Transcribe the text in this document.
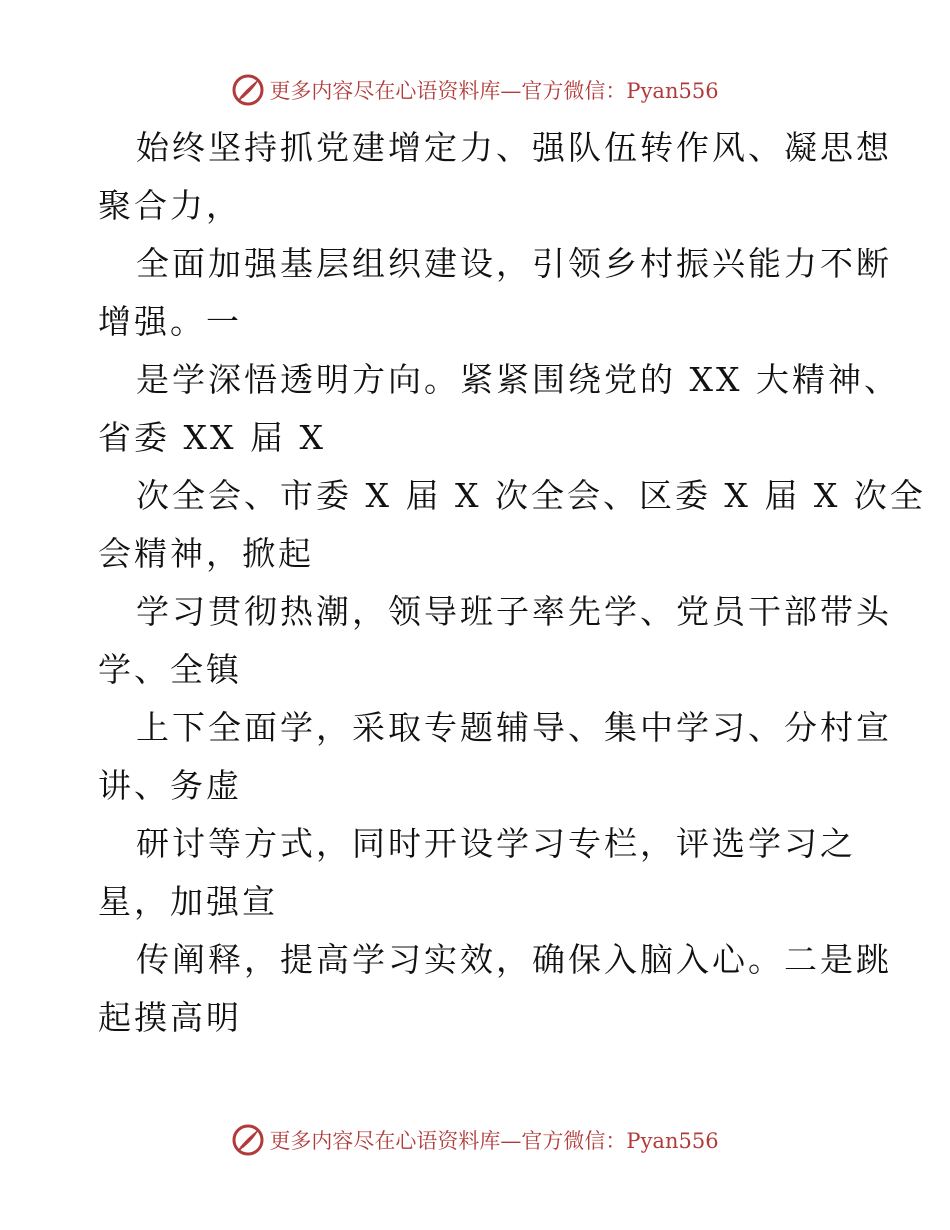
更多内容尽在心语资料库—官方微信：Pyan556
始终坚持抓党建增定力、强队伍转作风、凝思想
聚合力，
全面加强基层组织建设，引领乡村振兴能力不断
增强。一
是学深悟透明方向。紧紧围绕党的 XX 大精神、
省委 XX 届 X
次全会、市委 X 届 X 次全会、区委 X 届 X 次全
会精神，掀起
学习贯彻热潮，领导班子率先学、党员干部带头
学、全镇
上下全面学，采取专题辅导、集中学习、分村宣
讲、务虚
研讨等方式，同时开设学习专栏，评选学习之
星，加强宣
传阐释，提高学习实效，确保入脑入心。二是跳
起摸高明
更多内容尽在心语资料库—官方微信：Pyan556
